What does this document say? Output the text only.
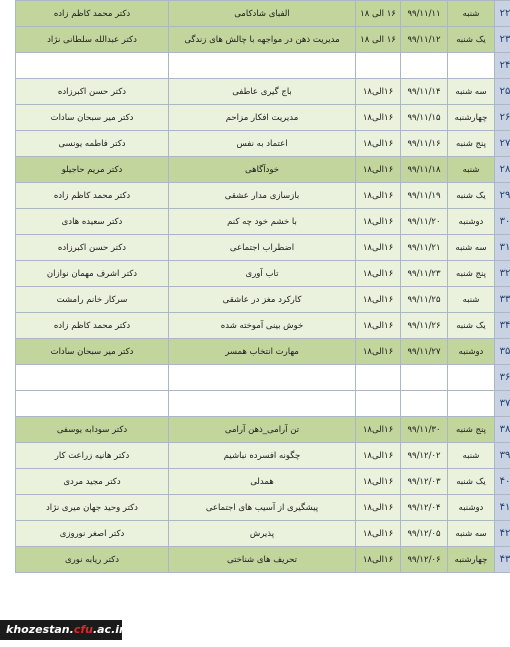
۲۲	شنبه	۹۹/۱۱/۱۱	۱۶ الی ۱۸	الفبای شادکامی	دکتر محمد کاظم زاده
۲۳	یک شنبه	۹۹/۱۱/۱۲	۱۶ الی ۱۸	مدیریت ذهن در مواجهه با چالش های زندگی	دکتر عبدالله سلطانی نژاد
۲۴					
۲۵	سه شنبه	۹۹/۱۱/۱۴	۱۶الی۱۸	باج گیری عاطفی	دکتر حسن اکبرزاده
۲۶	چهارشنبه	۹۹/۱۱/۱۵	۱۶الی۱۸	مدیریت افکار مزاحم	دکتر میر سبحان سادات
۲۷	پنج شنبه	۹۹/۱۱/۱۶	۱۶الی۱۸	اعتماد به نفس	دکتر فاطمه یونسی
۲۸	شنبه	۹۹/۱۱/۱۸	۱۶الی۱۸	خودآگاهی	دکتر مریم حاجیلو
۲۹	یک شنبه	۹۹/۱۱/۱۹	۱۶الی۱۸	بازسازی مدار عشقی	دکتر محمد کاظم زاده
۳۰	دوشنبه	۹۹/۱۱/۲۰	۱۶الی۱۸	با خشم خود چه کنم	دکتر سعیده هادی
۳۱	سه شنبه	۹۹/۱۱/۲۱	۱۶الی۱۸	اضطراب اجتماعی	دکتر حسن اکبرزاده
۳۲	پنج شنبه	۹۹/۱۱/۲۳	۱۶الی۱۸	تاب آوری	دکتر اشرف مهمان نوازان
۳۳	شنبه	۹۹/۱۱/۲۵	۱۶الی۱۸	کارکرد مغز در عاشقی	سرکار خانم رامشت
۳۴	یک شنبه	۹۹/۱۱/۲۶	۱۶الی۱۸	خوش بینی آموخته شده	دکتر محمد کاظم زاده
۳۵	دوشنبه	۹۹/۱۱/۲۷	۱۶الی۱۸	مهارت انتخاب همسر	دکتر میر سبحان سادات
۳۶					
۳۷					
۳۸	پنج شنبه	۹۹/۱۱/۳۰	۱۶الی۱۸	تن آرامی_ذهن آرامی	دکتر سودابه یوسفی
۳۹	شنبه	۹۹/۱۲/۰۲	۱۶الی۱۸	چگونه افسرده نباشیم	دکتر هانیه زراعت کار
۴۰	یک شنبه	۹۹/۱۲/۰۳	۱۶الی۱۸	همدلی	دکتر مجید مردی
۴۱	دوشنبه	۹۹/۱۲/۰۴	۱۶الی۱۸	پیشگیری از آسیب های اجتماعی	دکتر وحید جهان میری نژاد
۴۲	سه شنبه	۹۹/۱۲/۰۵	۱۶الی۱۸	پذیرش	دکتر اصغر نوروزی
۴۳	چهارشنبه	۹۹/۱۲/۰۶	۱۶الی۱۸	تحریف های شناختی	دکتر ریابه نوری
khozestan.cfu.ac.ir
